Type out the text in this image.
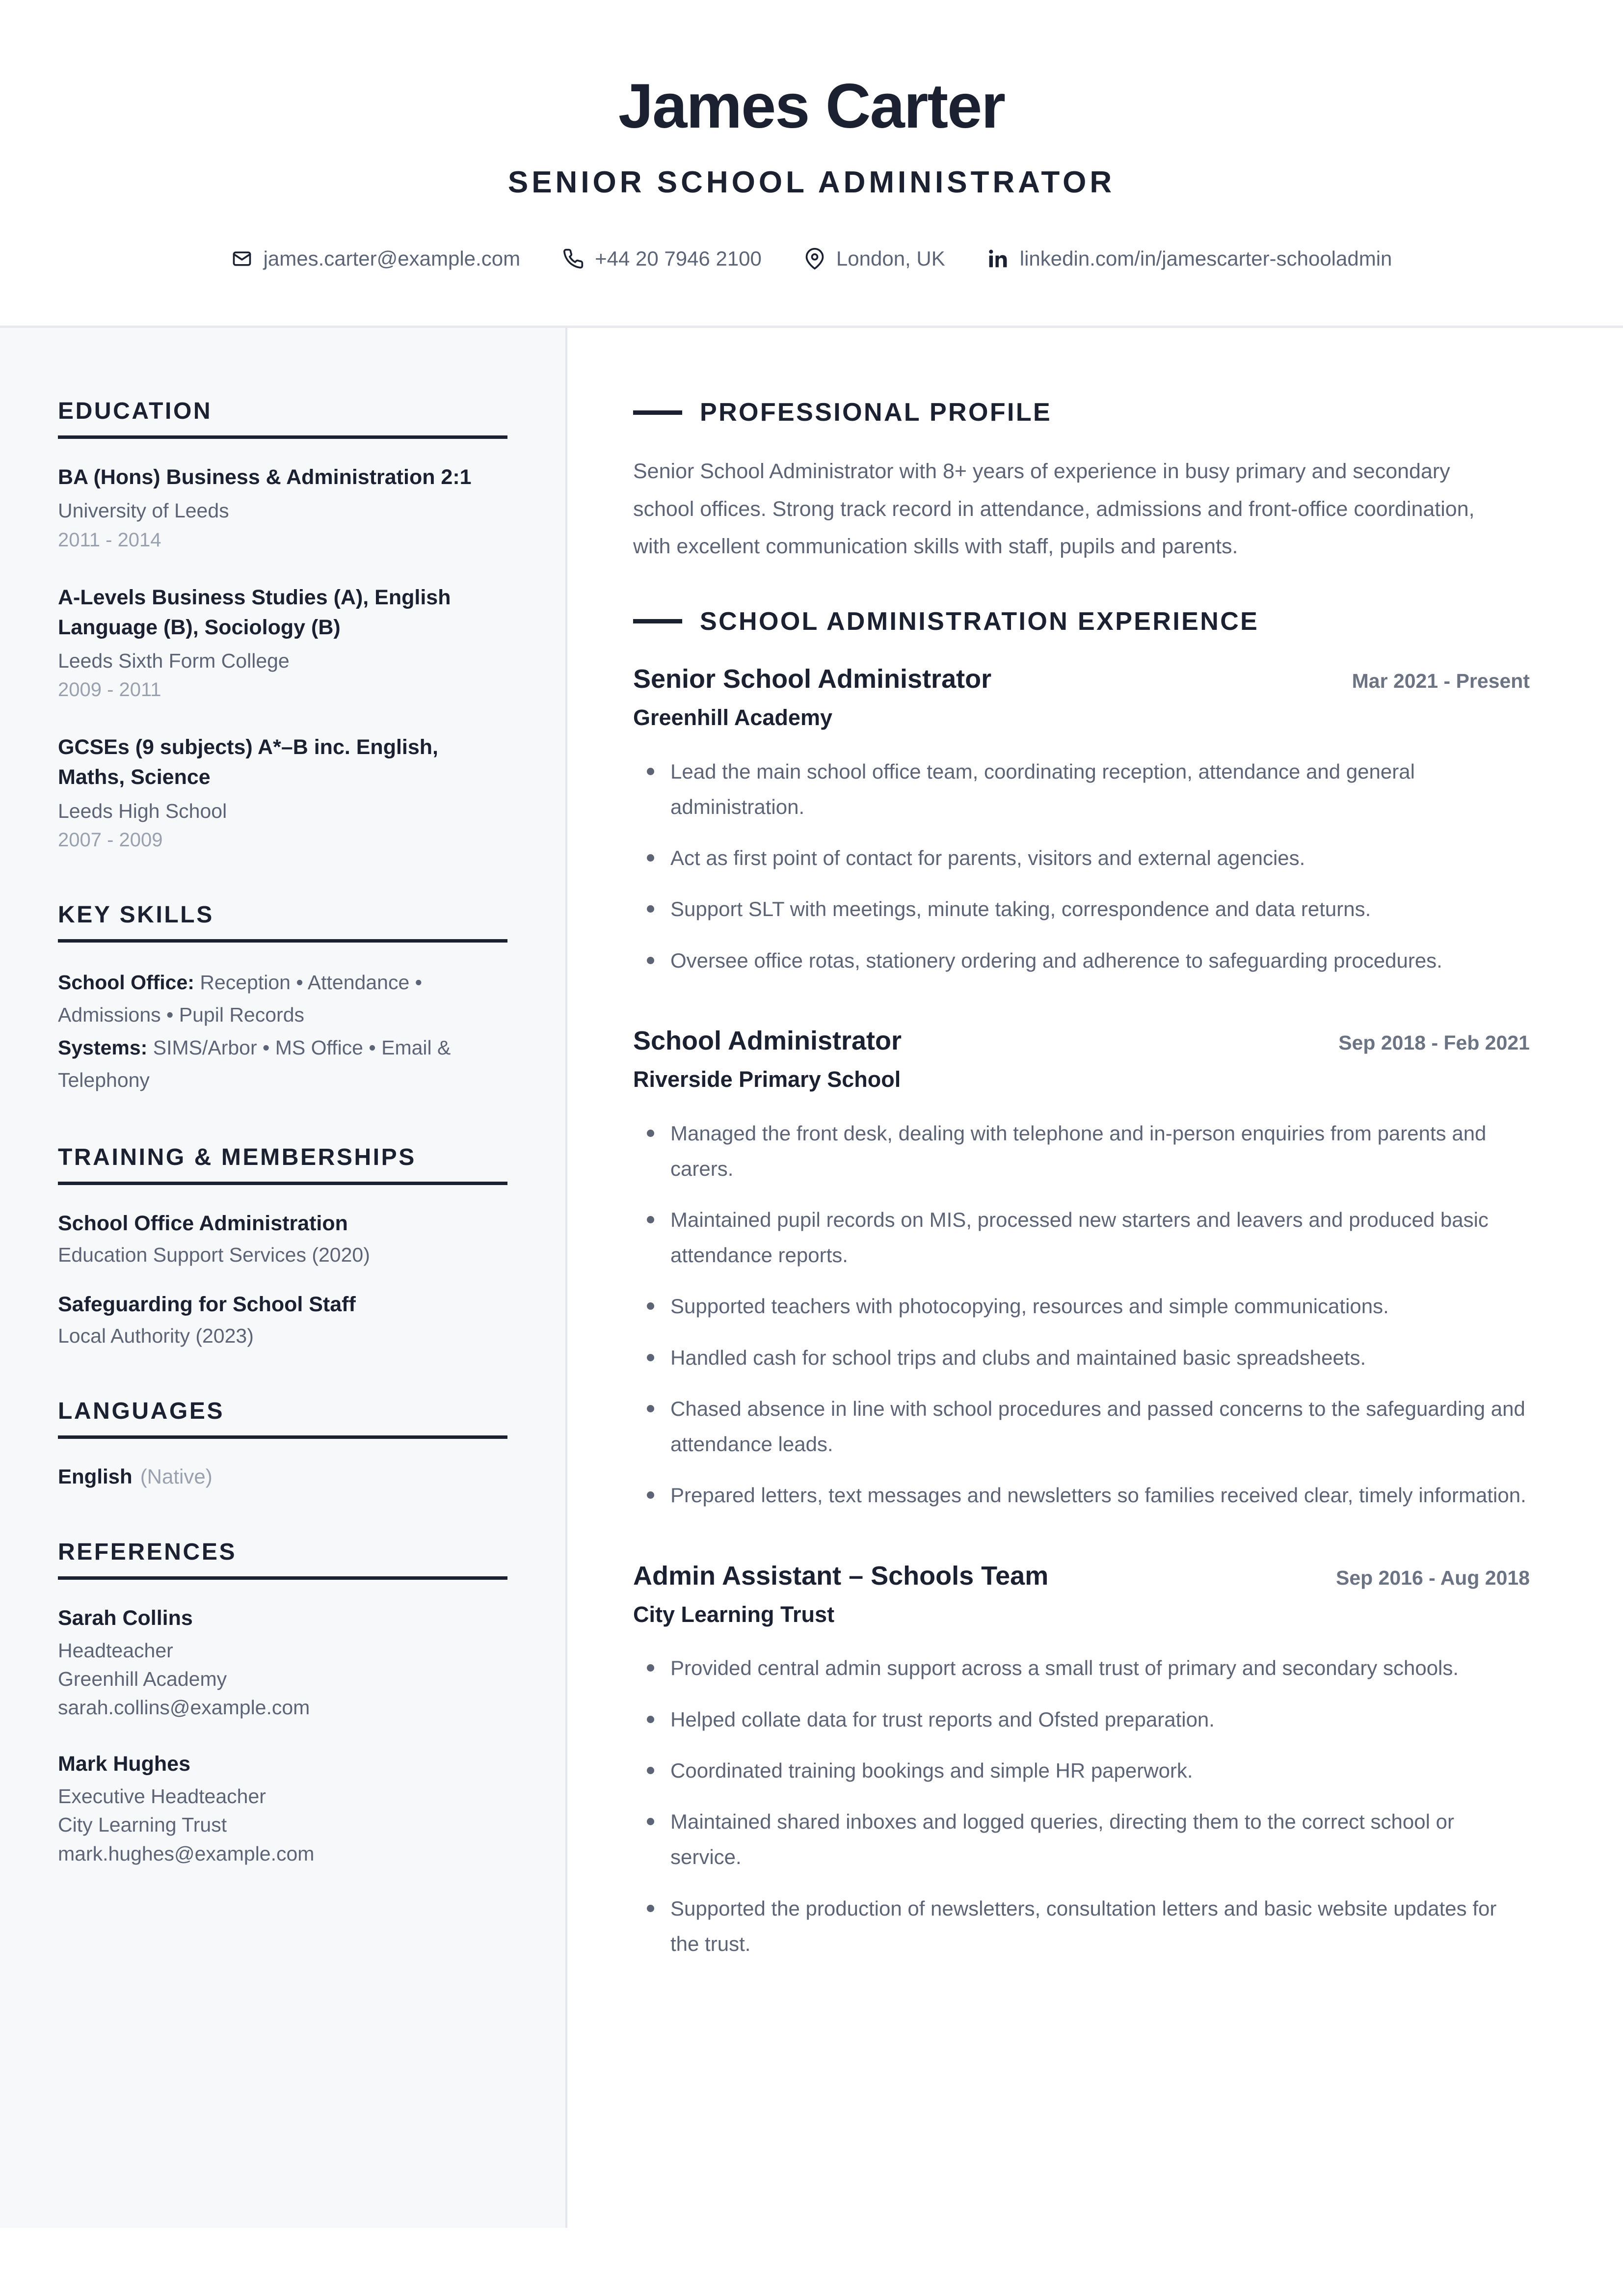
James Carter
SENIOR SCHOOL ADMINISTRATOR
james.carter@example.com	+44 20 7946 2100	London, UK	linkedin.com/in/jamescarter-schooladmin
EDUCATION
BA (Hons) Business & Administration 2:1
University of Leeds
2011 - 2014
A-Levels Business Studies (A), English Language (B), Sociology (B)
Leeds Sixth Form College
2009 - 2011
GCSEs (9 subjects) A*–B inc. English, Maths, Science
Leeds High School
2007 - 2009
KEY SKILLS
School Office: Reception • Attendance • Admissions • Pupil Records
Systems: SIMS/Arbor • MS Office • Email & Telephony
TRAINING & MEMBERSHIPS
School Office Administration
Education Support Services (2020)
Safeguarding for School Staff
Local Authority (2023)
LANGUAGES
English (Native)
REFERENCES
Sarah Collins
Headteacher
Greenhill Academy
sarah.collins@example.com
Mark Hughes
Executive Headteacher
City Learning Trust
mark.hughes@example.com
PROFESSIONAL PROFILE

Senior School Administrator with 8+ years of experience in busy primary and secondary school offices. Strong track record in attendance, admissions and front-office coordination, with excellent communication skills with staff, pupils and parents.

SCHOOL ADMINISTRATION EXPERIENCE
Senior School Administrator	Mar 2021 - Present
Greenhill Academy
Lead the main school office team, coordinating reception, attendance and general administration.
Act as first point of contact for parents, visitors and external agencies.
Support SLT with meetings, minute taking, correspondence and data returns.
Oversee office rotas, stationery ordering and adherence to safeguarding procedures.
School Administrator	Sep 2018 - Feb 2021
Riverside Primary School
Managed the front desk, dealing with telephone and in-person enquiries from parents and carers.
Maintained pupil records on MIS, processed new starters and leavers and produced basic attendance reports.
Supported teachers with photocopying, resources and simple communications.
Handled cash for school trips and clubs and maintained basic spreadsheets.
Chased absence in line with school procedures and passed concerns to the safeguarding and attendance leads.
Prepared letters, text messages and newsletters so families received clear, timely information.
Admin Assistant – Schools Team	Sep 2016 - Aug 2018
City Learning Trust
Provided central admin support across a small trust of primary and secondary schools.
Helped collate data for trust reports and Ofsted preparation.
Coordinated training bookings and simple HR paperwork.
Maintained shared inboxes and logged queries, directing them to the correct school or service.
Supported the production of newsletters, consultation letters and basic website updates for the trust.
